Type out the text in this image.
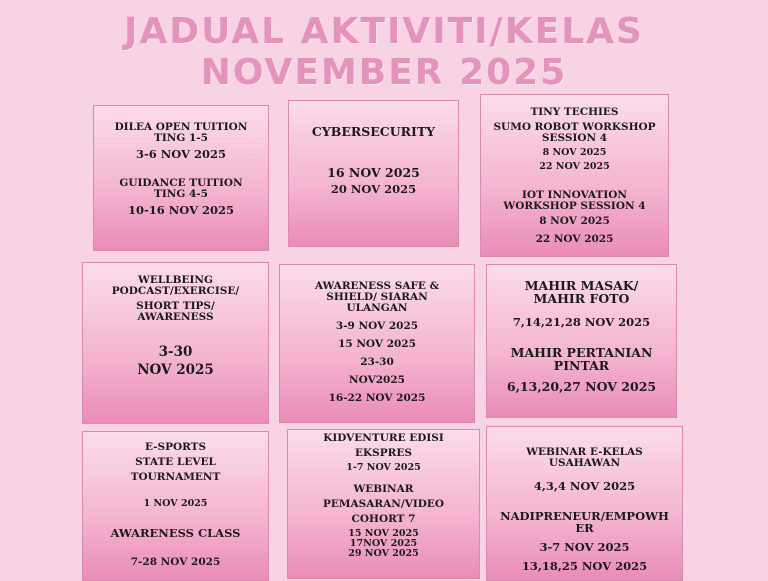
JADUAL AKTIVITI/KELAS
NOVEMBER 2025
DILEA OPEN TUITION
TING 1-5
3-6 NOV 2025
GUIDANCE TUITION
TING 4-5
10-16 NOV 2025
CYBERSECURITY
16 NOV 2025
20 NOV 2025
TINY TECHIES
SUMO ROBOT WORKSHOP
SESSION 4
8 NOV 2025
22 NOV 2025
IOT INNOVATION
WORKSHOP SESSION 4
8 NOV 2025
22 NOV 2025
WELLBEING
PODCAST/EXERCISE/
SHORT TIPS/
AWARENESS
3-30
NOV 2025
AWARENESS SAFE &
SHIELD/ SIARAN
ULANGAN
3-9 NOV 2025
15 NOV 2025
23-30
NOV2025
16-22 NOV 2025
MAHIR MASAK/
MAHIR FOTO
7,14,21,28 NOV 2025
MAHIR PERTANIAN
PINTAR
6,13,20,27 NOV 2025
E-SPORTS
STATE LEVEL
TOURNAMENT
1 NOV 2025
AWARENESS CLASS
7-28 NOV 2025
KIDVENTURE EDISI
EKSPRES
1-7 NOV 2025
WEBINAR
PEMASARAN/VIDEO
COHORT 7
15 NOV 2025
17NOV 2025
29 NOV 2025
WEBINAR E-KELAS
USAHAWAN
4,3,4 NOV 2025
NADIPRENEUR/EMPOWH
ER
3-7 NOV 2025
13,18,25 NOV 2025
